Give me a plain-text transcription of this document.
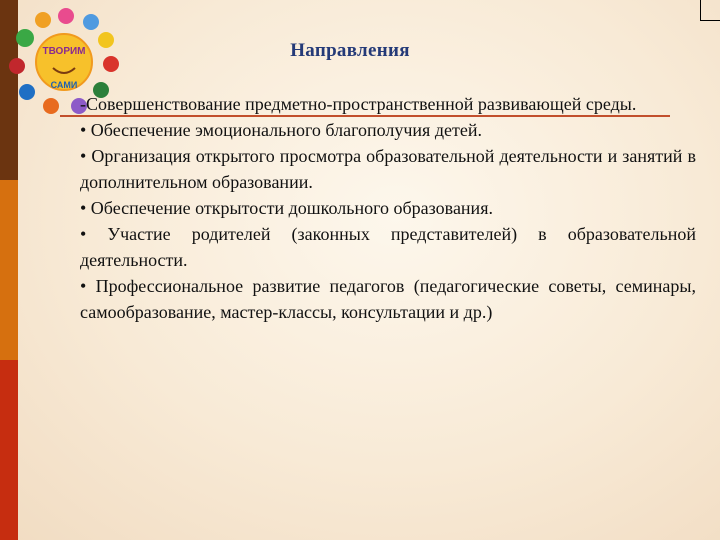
ТВОРИМ
САМИ
Направления

-Совершенствование предметно-пространственной развивающей среды.

• Обеспечение эмоционального благополучия детей.

• Организация открытого просмотра образовательной деятельности и занятий в дополнительном образовании.

• Обеспечение открытости дошкольного образования.

• Участие родителей (законных представителей) в образовательной деятельности.

• Профессиональное развитие педагогов (педагогические советы, семинары, самообразование, мастер-классы, консультации и др.)
